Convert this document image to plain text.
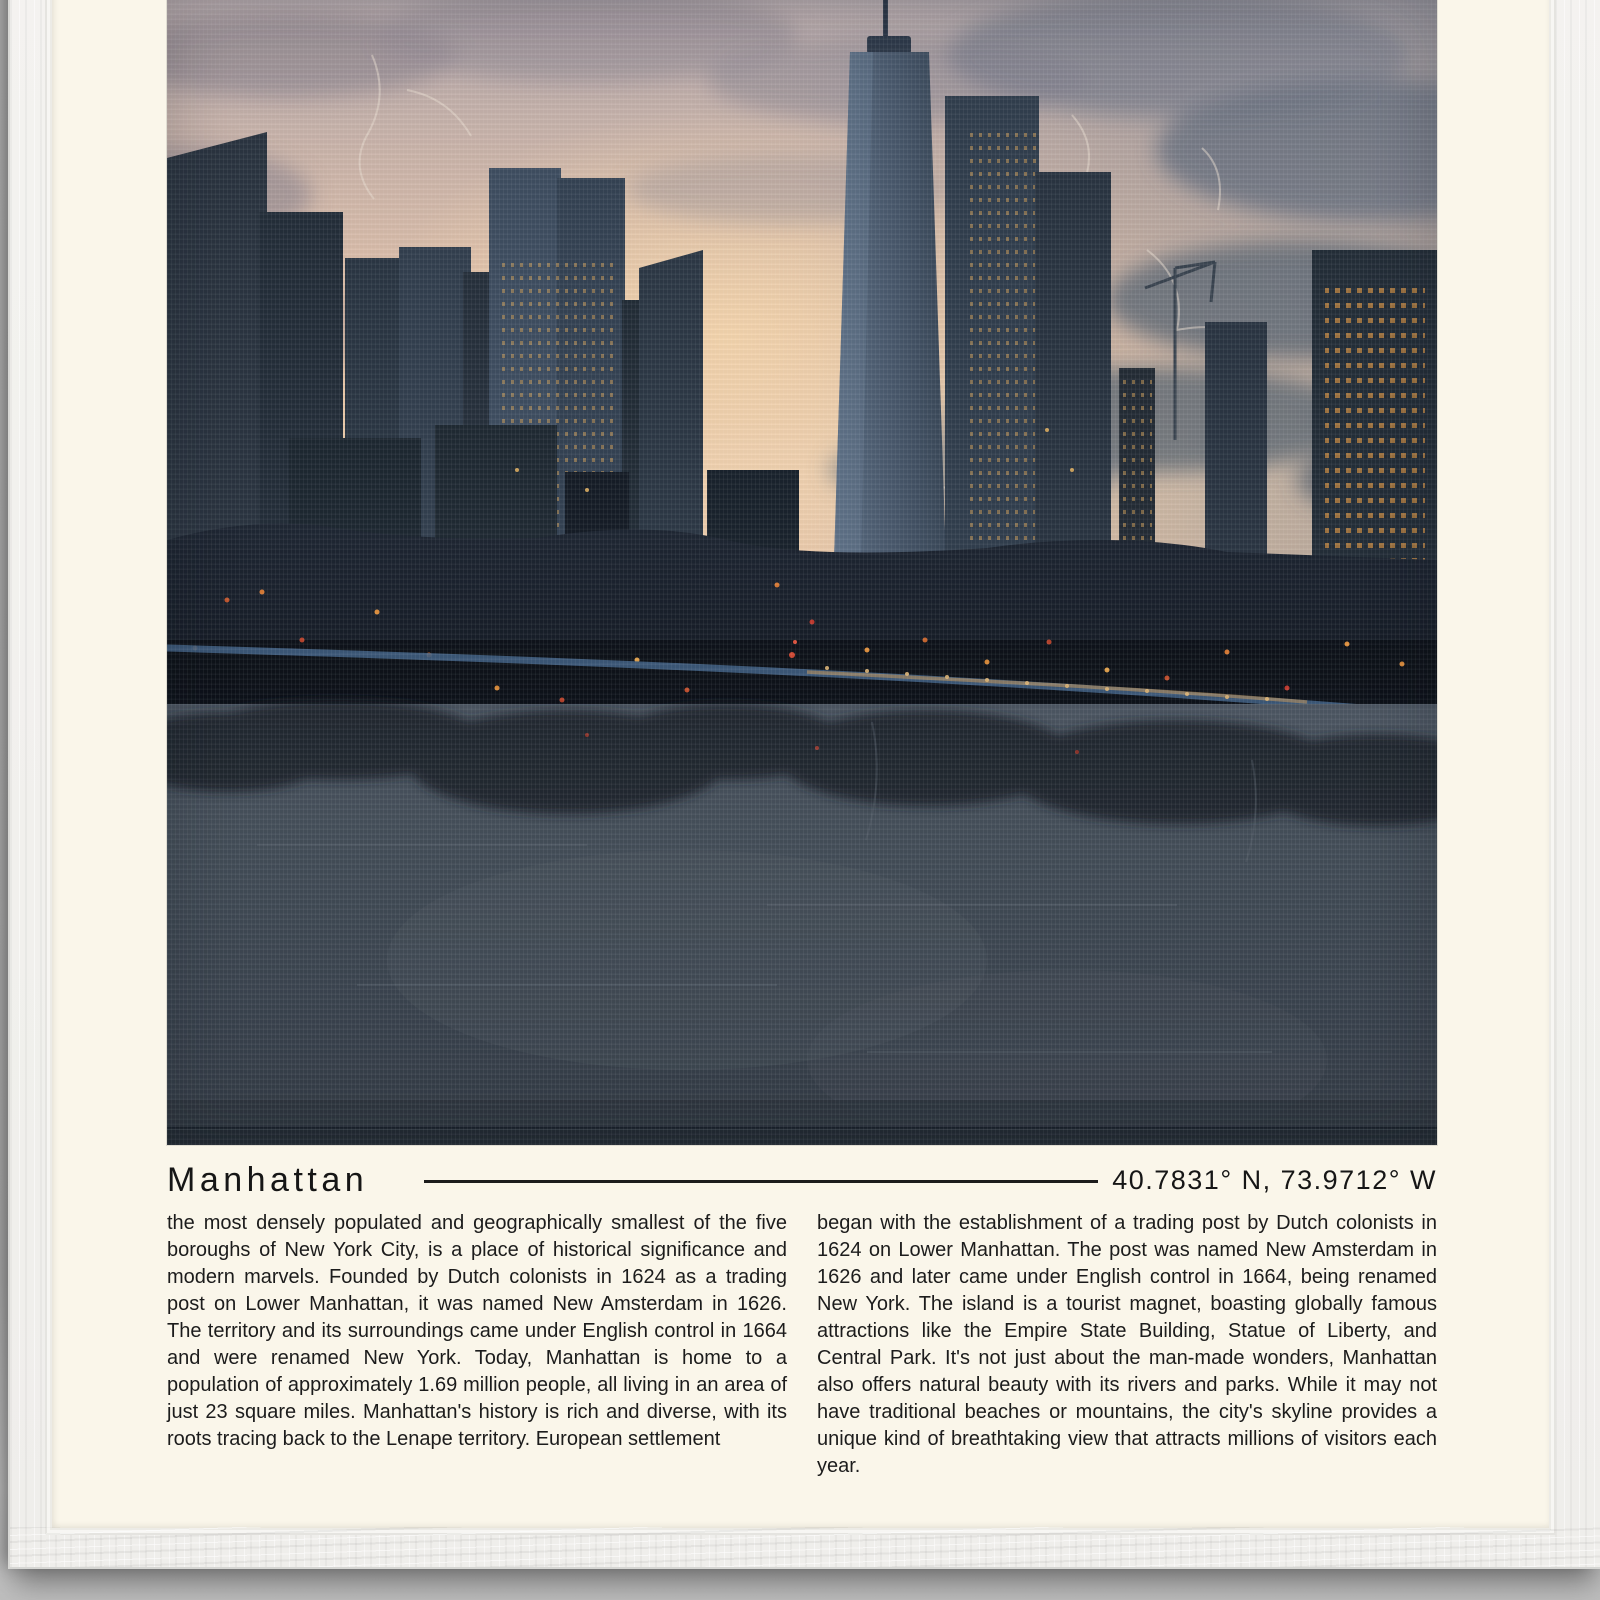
Manhattan	40.7831° N, 73.9712° W

the most densely populated and geographically smallest of the five boroughs of New York City, is a place of historical significance and modern marvels. Founded by Dutch colonists in 1624 as a trading post on Lower Manhattan, it was named New Amsterdam in 1626. The territory and its surroundings came under English control in 1664 and were renamed New York. Today, Manhattan is home to a population of approximately 1.69 million people, all living in an area of just 23 square miles. Manhattan's history is rich and diverse, with its roots tracing back to the Lenape territory. European settlement

began with the establishment of a trading post by Dutch colonists in 1624 on Lower Manhattan. The post was named New Amsterdam in 1626 and later came under English control in 1664, being renamed New York. The island is a tourist magnet, boasting globally famous attractions like the Empire State Building, Statue of Liberty, and Central Park. It's not just about the man-made wonders, Manhattan also offers natural beauty with its rivers and parks. While it may not have traditional beaches or mountains, the city's skyline provides a unique kind of breathtaking view that attracts millions of visitors each year.
